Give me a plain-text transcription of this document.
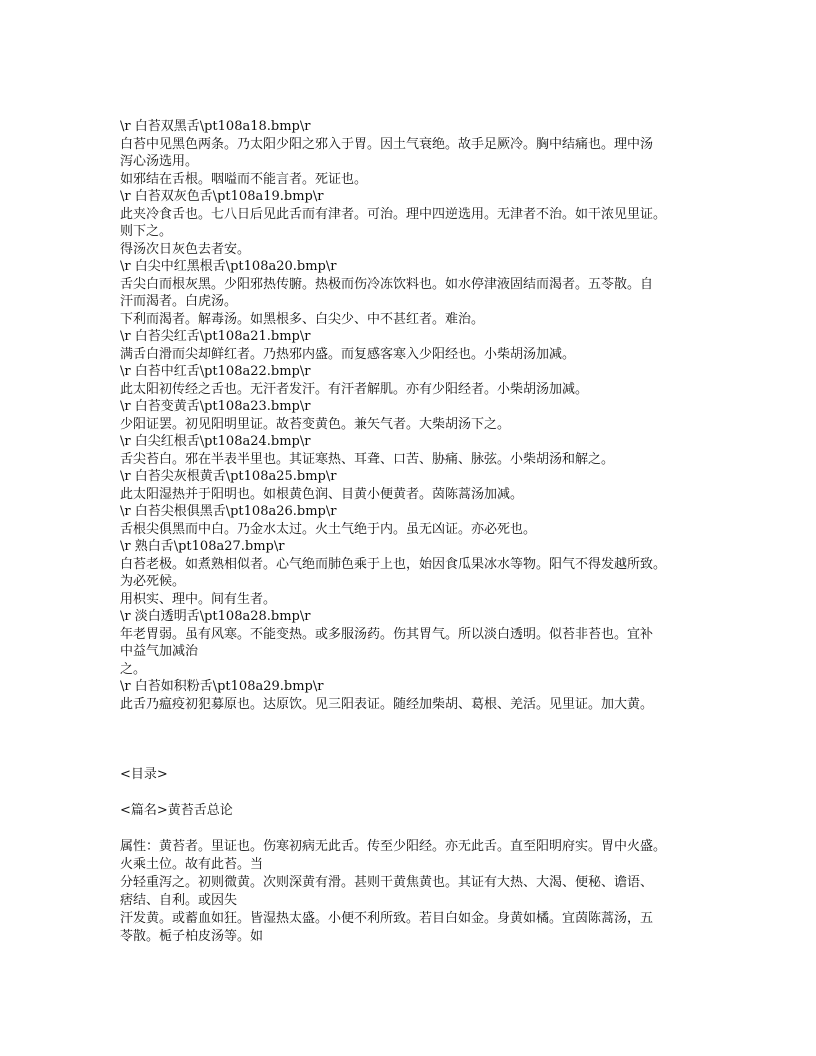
\r 白苔双黑舌\pt108a18.bmp\r
白苔中见黑色两条。乃太阳少阳之邪入于胃。因土气衰绝。故手足厥冷。胸中结痛也。理中汤
泻心汤选用。
如邪结在舌根。咽嗌而不能言者。死证也。
\r 白苔双灰色舌\pt108a19.bmp\r
此夹冷食舌也。七八日后见此舌而有津者。可治。理中四逆选用。无津者不治。如干浓见里证。
则下之。
得汤次日灰色去者安。
\r 白尖中红黑根舌\pt108a20.bmp\r
舌尖白而根灰黑。少阳邪热传腑。热极而伤冷冻饮料也。如水停津液固结而渴者。五苓散。自
汗而渴者。白虎汤。
下利而渴者。解毒汤。如黑根多、白尖少、中不甚红者。难治。
\r 白苔尖红舌\pt108a21.bmp\r
满舌白滑而尖却鲜红者。乃热邪内盛。而复感客寒入少阳经也。小柴胡汤加减。
\r 白苔中红舌\pt108a22.bmp\r
此太阳初传经之舌也。无汗者发汗。有汗者解肌。亦有少阳经者。小柴胡汤加减。
\r 白苔变黄舌\pt108a23.bmp\r
少阳证罢。初见阳明里证。故苔变黄色。兼矢气者。大柴胡汤下之。
\r 白尖红根舌\pt108a24.bmp\r
舌尖苔白。邪在半表半里也。其证寒热、耳聋、口苦、胁痛、脉弦。小柴胡汤和解之。
\r 白苔尖灰根黄舌\pt108a25.bmp\r
此太阳湿热并于阳明也。如根黄色润、目黄小便黄者。茵陈蒿汤加减。
\r 白苔尖根俱黑舌\pt108a26.bmp\r
舌根尖俱黑而中白。乃金水太过。火土气绝于内。虽无凶证。亦必死也。
\r 熟白舌\pt108a27.bmp\r
白苔老极。如煮熟相似者。心气绝而肺色乘于上也，始因食瓜果冰水等物。阳气不得发越所致。
为必死候。
用枳实、理中。间有生者。
\r 淡白透明舌\pt108a28.bmp\r
年老胃弱。虽有风寒。不能变热。或多服汤药。伤其胃气。所以淡白透明。似苔非苔也。宜补
中益气加减治
之。
\r 白苔如积粉舌\pt108a29.bmp\r
此舌乃瘟疫初犯募原也。达原饮。见三阳表证。随经加柴胡、葛根、羌活。见里证。加大黄。
<目录>
<篇名>黄苔舌总论
属性：黄苔者。里证也。伤寒初病无此舌。传至少阳经。亦无此舌。直至阳明府实。胃中火盛。
火乘土位。故有此苔。当
分轻重泻之。初则微黄。次则深黄有滑。甚则干黄焦黄也。其证有大热、大渴、便秘、谵语、
痞结、自利。或因失
汗发黄。或蓄血如狂。皆湿热太盛。小便不利所致。若目白如金。身黄如橘。宜茵陈蒿汤，五
苓散。栀子柏皮汤等。如
